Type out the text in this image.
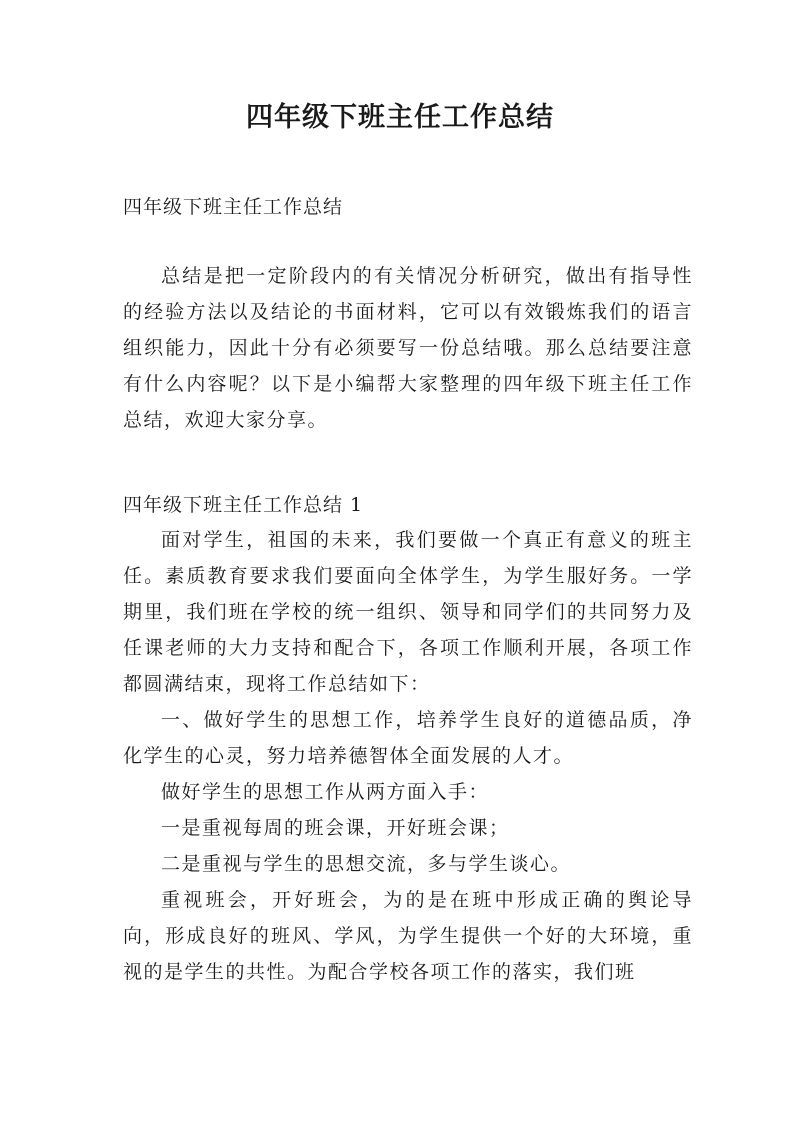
四年级下班主任工作总结
四年级下班主任工作总结

总结是把一定阶段内的有关情况分析研究，做出有指导性的经验方法以及结论的书面材料，它可以有效锻炼我们的语言组织能力，因此十分有必须要写一份总结哦。那么总结要注意有什么内容呢？以下是小编帮大家整理的四年级下班主任工作总结，欢迎大家分享。

四年级下班主任工作总结 1

面对学生，祖国的未来，我们要做一个真正有意义的班主任。素质教育要求我们要面向全体学生，为学生服好务。一学期里，我们班在学校的统一组织、领导和同学们的共同努力及任课老师的大力支持和配合下，各项工作顺利开展，各项工作都圆满结束，现将工作总结如下：

一、做好学生的思想工作，培养学生良好的道德品质，净化学生的心灵，努力培养德智体全面发展的人才。

做好学生的思想工作从两方面入手：

一是重视每周的班会课，开好班会课；

二是重视与学生的思想交流，多与学生谈心。

重视班会，开好班会，为的是在班中形成正确的舆论导向，形成良好的班风、学风，为学生提供一个好的大环境，重视的是学生的共性。为配合学校各项工作的落实，我们班
